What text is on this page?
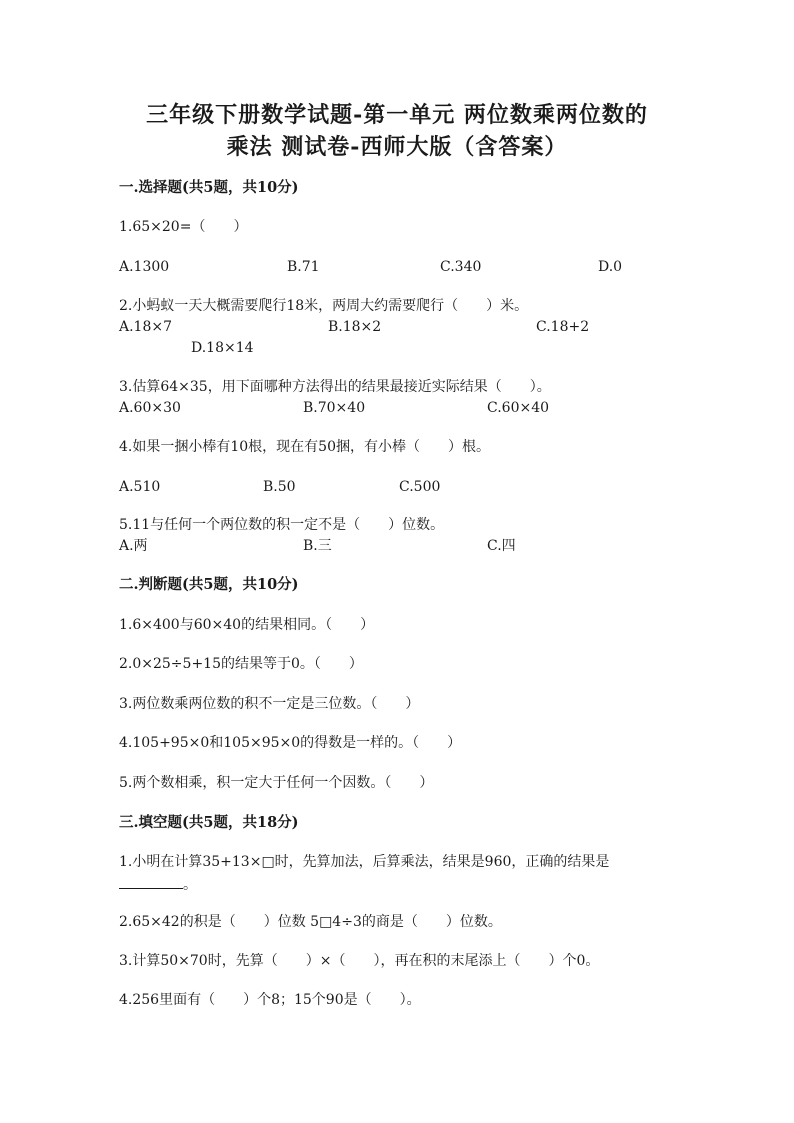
三年级下册数学试题-第一单元 两位数乘两位数的
乘法 测试卷-西师大版（含答案）
一.选择题(共5题，共10分)
1.65×20=（　　）
A.1300	B.71	C.340	D.0
2.小蚂蚁一天大概需要爬行18米，两周大约需要爬行（　　）米。
A.18×7	B.18×2	C.18+2
D.18×14
3.估算64×35，用下面哪种方法得出的结果最接近实际结果（　　）。
A.60×30	B.70×40	C.60×40
4.如果一捆小棒有10根，现在有50捆，有小棒（　　）根。
A.510	B.50	C.500
5.11与任何一个两位数的积一定不是（　　）位数。
A.两	B.三	C.四
二.判断题(共5题，共10分)
1.6×400与60×40的结果相同。（　　）
2.0×25÷5+15的结果等于0。（　　）
3.两位数乘两位数的积不一定是三位数。（　　）
4.105+95×0和105×95×0的得数是一样的。（　　）
5.两个数相乘，积一定大于任何一个因数。（　　）
三.填空题(共5题，共18分)
1.小明在计算35+13×□时，先算加法，后算乘法，结果是960，正确的结果是
。
2.65×42的积是（　　）位数 5□4÷3的商是（　　）位数。
3.计算50×70时，先算（　　）×（　　），再在积的末尾添上（　　）个0。
4.256里面有（　　）个8；15个90是（　　）。
